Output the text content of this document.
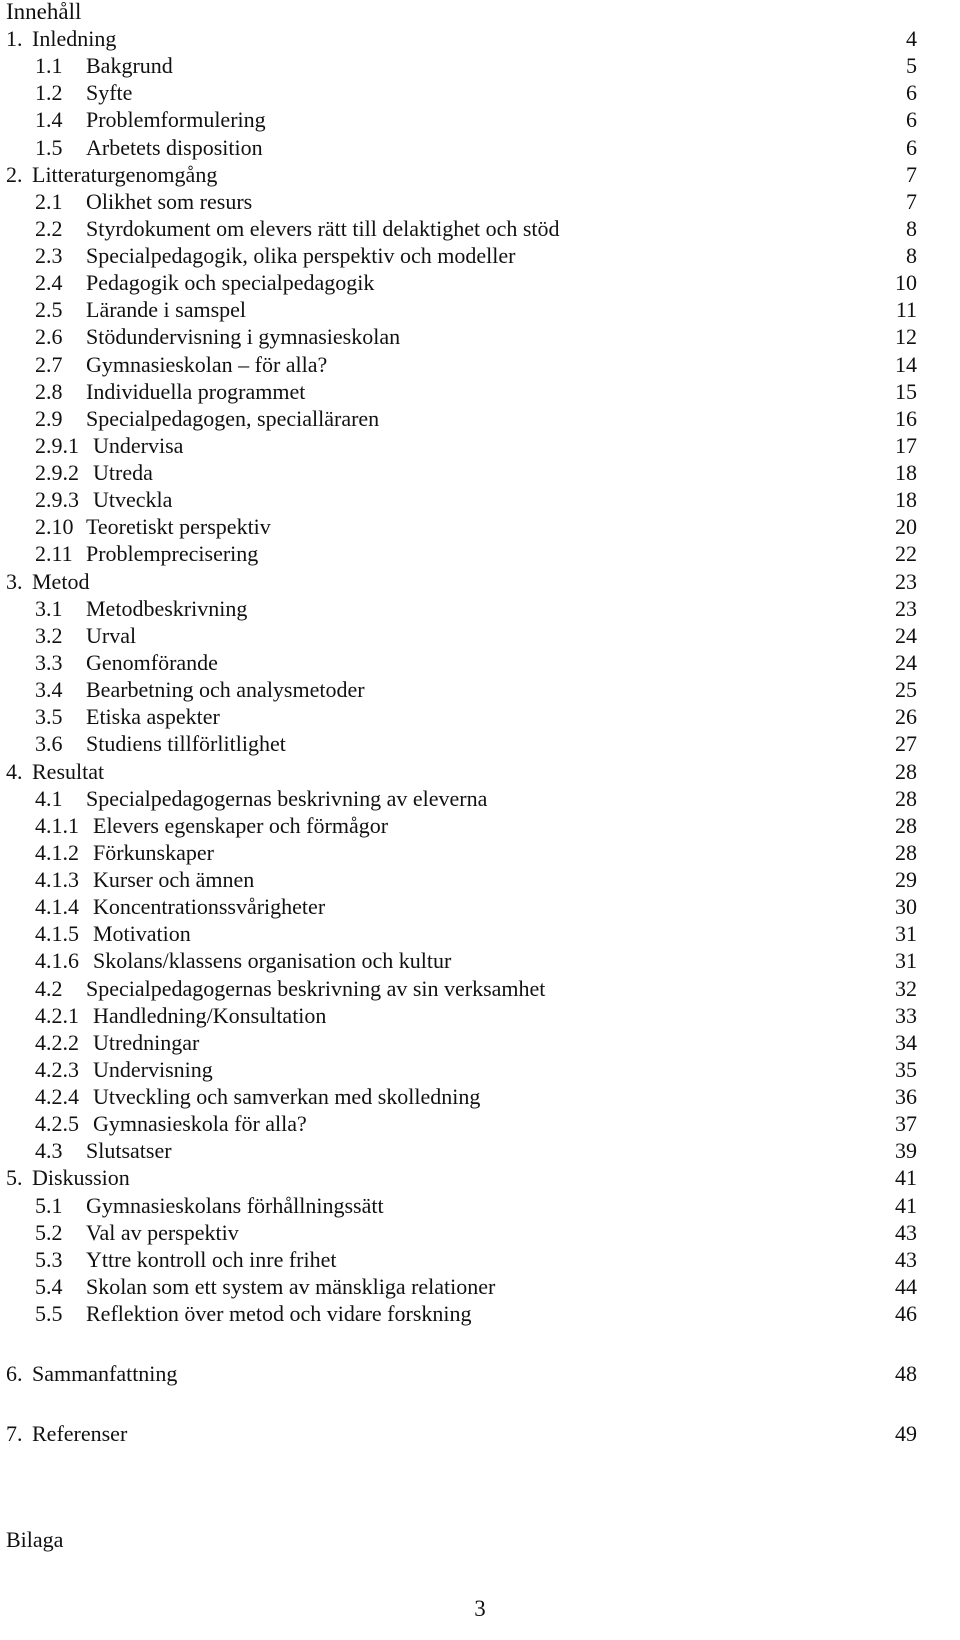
Innehåll
1. Inledning	4
1.1 Bakgrund	5
1.2 Syfte	6
1.4 Problemformulering	6
1.5 Arbetets disposition	6
2. Litteraturgenomgång	7
2.1 Olikhet som resurs	7
2.2 Styrdokument om elevers rätt till delaktighet och stöd	8
2.3 Specialpedagogik, olika perspektiv och modeller	8
2.4 Pedagogik och specialpedagogik	10
2.5 Lärande i samspel	11
2.6 Stödundervisning i gymnasieskolan	12
2.7 Gymnasieskolan – för alla?	14
2.8 Individuella programmet	15
2.9 Specialpedagogen, specialläraren	16
2.9.1 Undervisa	17
2.9.2 Utreda	18
2.9.3 Utveckla	18
2.10 Teoretiskt perspektiv	20
2.11 Problemprecisering	22
3. Metod	23
3.1 Metodbeskrivning	23
3.2 Urval	24
3.3 Genomförande	24
3.4 Bearbetning och analysmetoder	25
3.5 Etiska aspekter	26
3.6 Studiens tillförlitlighet	27
4. Resultat	28
4.1 Specialpedagogernas beskrivning av eleverna	28
4.1.1 Elevers egenskaper och förmågor	28
4.1.2 Förkunskaper	28
4.1.3 Kurser och ämnen	29
4.1.4 Koncentrationssvårigheter	30
4.1.5 Motivation	31
4.1.6 Skolans/klassens organisation och kultur	31
4.2 Specialpedagogernas beskrivning av sin verksamhet	32
4.2.1 Handledning/Konsultation	33
4.2.2 Utredningar	34
4.2.3 Undervisning	35
4.2.4 Utveckling och samverkan med skolledning	36
4.2.5 Gymnasieskola för alla?	37
4.3 Slutsatser	39
5. Diskussion	41
5.1 Gymnasieskolans förhållningssätt	41
5.2 Val av perspektiv	43
5.3 Yttre kontroll och inre frihet	43
5.4 Skolan som ett system av mänskliga relationer	44
5.5 Reflektion över metod och vidare forskning	46
6. Sammanfattning	48
7. Referenser	49
Bilaga
3
